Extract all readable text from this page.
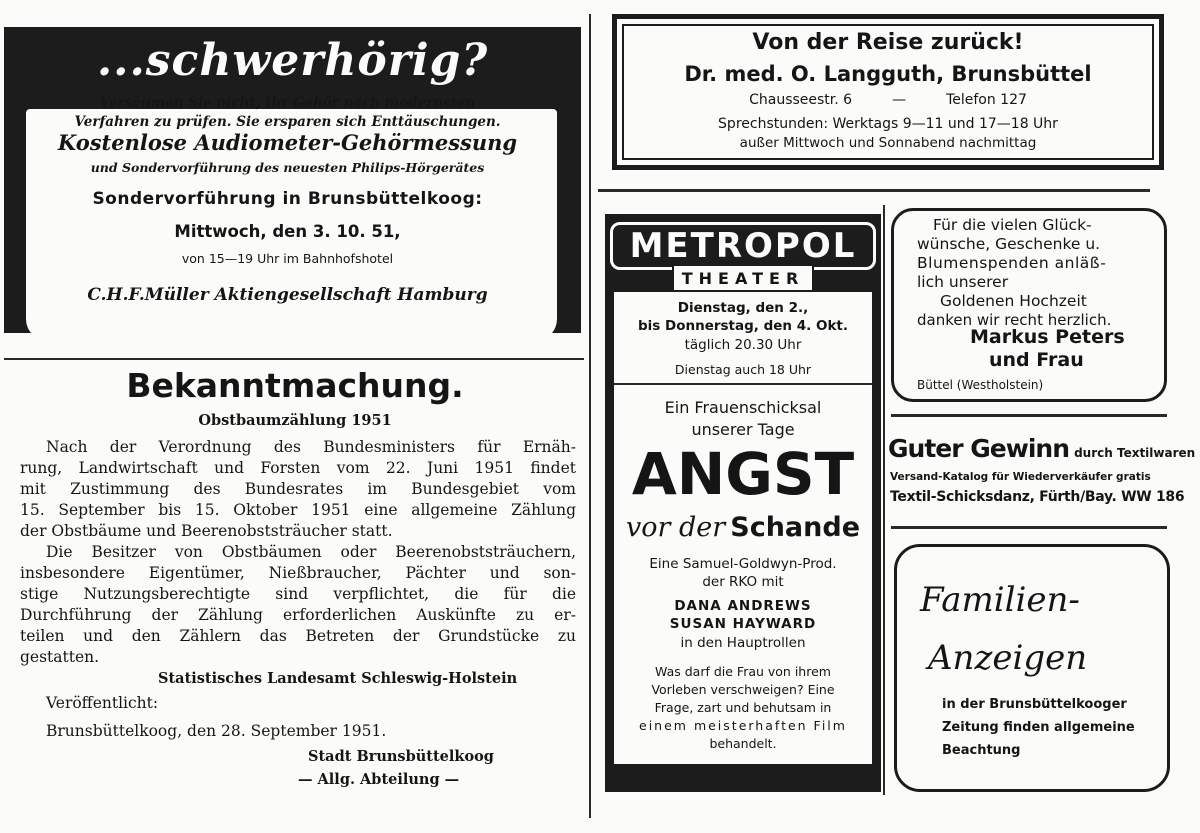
...schwerhörig?
Versäumen Sie nicht, Ihr Gehör nach modernsten
Verfahren zu prüfen. Sie ersparen sich Enttäuschungen.
Kostenlose Audiometer-Gehörmessung
und Sondervorführung des neuesten Philips-Hörgerätes
Sondervorführung in Brunsbüttelkoog:
Mittwoch, den 3. 10. 51,
von 15—19 Uhr im Bahnhofshotel
C.H.F.Müller Aktiengesellschaft Hamburg
Bekanntmachung.
Obstbaumzählung 1951
Nach der Verordnung des Bundesministers für Ernäh-
rung, Landwirtschaft und Forsten vom 22. Juni 1951 findet
mit Zustimmung des Bundesrates im Bundesgebiet vom
15. September bis 15. Oktober 1951 eine allgemeine Zählung
der Obstbäume und Beerenobststräucher statt.
Die Besitzer von Obstbäumen oder Beerenobststräuchern,
insbesondere Eigentümer, Nießbraucher, Pächter und son-
stige Nutzungsberechtigte sind verpflichtet, die für die
Durchführung der Zählung erforderlichen Auskünfte zu er-
teilen und den Zählern das Betreten der Grundstücke zu
gestatten.
Statistisches Landesamt Schleswig-Holstein
Veröffentlicht:
Brunsbüttelkoog, den 28. September 1951.
Stadt Brunsbüttelkoog
— Allg. Abteilung —
Von der Reise zurück!
Dr. med. O. Langguth, Brunsbüttel
Chausseestr. 6	—	Telefon 127
Sprechstunden: Werktags 9—11 und 17—18 Uhr
außer Mittwoch und Sonnabend nachmittag
METROPOL
THEATER
Dienstag, den 2.,
bis Donnerstag, den 4. Okt.
täglich 20.30 Uhr
Dienstag auch 18 Uhr
Ein Frauenschicksal
unserer Tage
ANGST
vor der Schande
Eine Samuel-Goldwyn-Prod.
der RKO mit
DANA ANDREWS
SUSAN HAYWARD
in den Hauptrollen
Was darf die Frau von ihrem
Vorleben verschweigen? Eine
Frage, zart und behutsam in
einem meisterhaften Film
behandelt.
Für die vielen Glück-
wünsche, Geschenke u.
Blumenspenden anläß-
lich unserer
Goldenen Hochzeit
danken wir recht herzlich.
Markus Peters
und Frau
Büttel (Westholstein)
Guter Gewinn durch Textilwaren
Versand-Katalog für Wiederverkäufer gratis
Textil-Schicksdanz, Fürth/Bay. WW 186
Familien-
Anzeigen
in der Brunsbüttelkooger
Zeitung finden allgemeine
Beachtung
